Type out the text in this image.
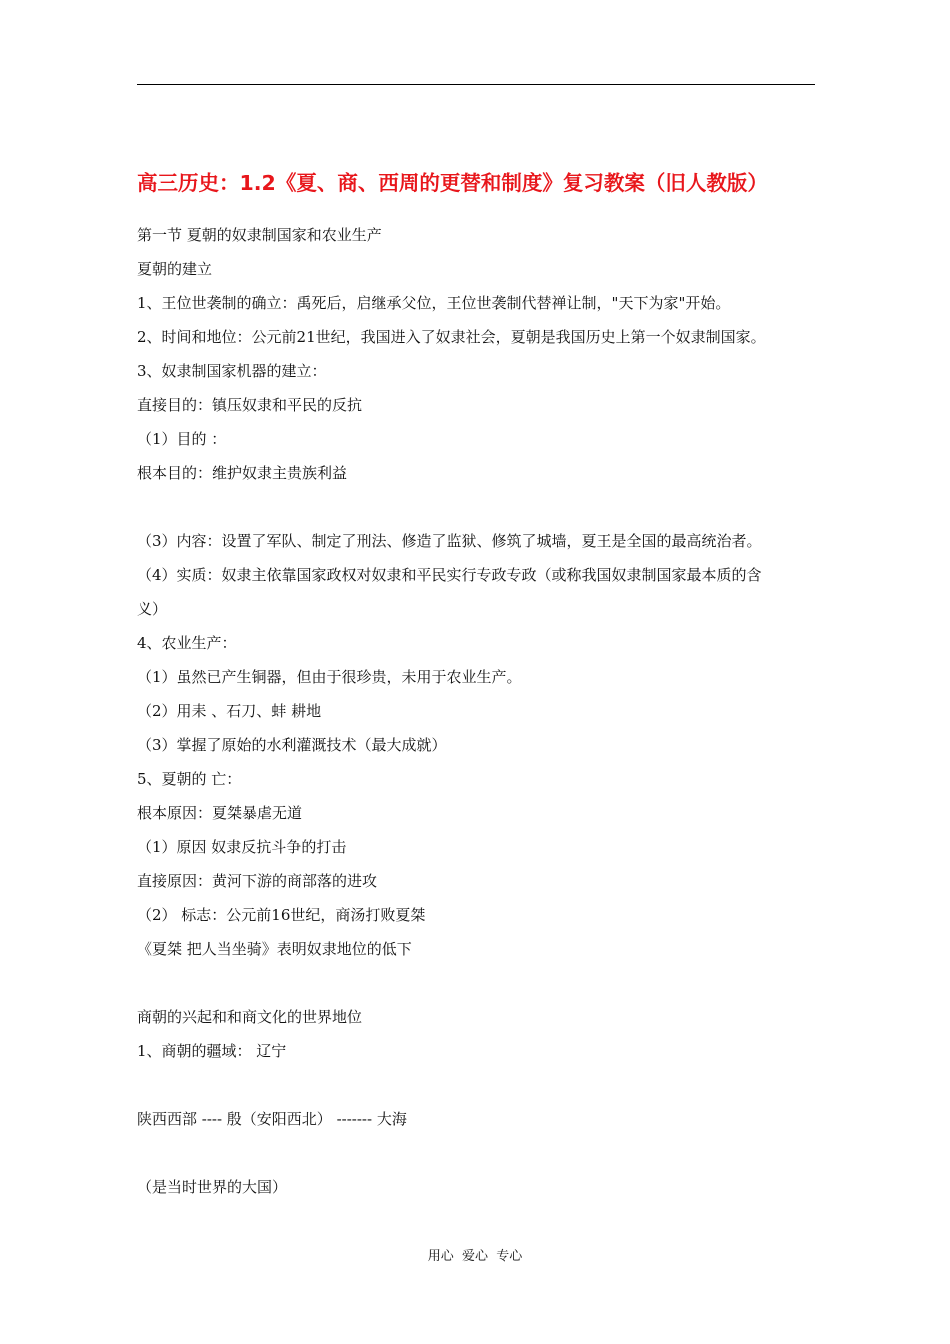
高三历史：1.2《夏、商、西周的更替和制度》复习教案（旧人教版）
第一节 夏朝的奴隶制国家和农业生产
夏朝的建立
1、王位世袭制的确立：禹死后，启继承父位，王位世袭制代替禅让制，"天下为家"开始。
2、时间和地位：公元前21世纪，我国进入了奴隶社会，夏朝是我国历史上第一个奴隶制国家。
3、奴隶制国家机器的建立：
直接目的：镇压奴隶和平民的反抗
（1）目的 ：
根本目的：维护奴隶主贵族利益
（3）内容：设置了军队、制定了刑法、修造了监狱、修筑了城墙，夏王是全国的最高统治者。
（4）实质：奴隶主依靠国家政权对奴隶和平民实行专政专政（或称我国奴隶制国家最本质的含
义）
4、农业生产：
（1）虽然已产生铜器，但由于很珍贵，未用于农业生产。
（2）用耒 、石刀、蚌 耕地
（3）掌握了原始的水利灌溉技术（最大成就）
5、夏朝的 亡：
根本原因：夏桀暴虐无道
（1）原因 奴隶反抗斗争的打击
直接原因：黄河下游的商部落的进攻
（2） 标志：公元前16世纪，商汤打败夏桀
《夏桀 把人当坐骑》表明奴隶地位的低下
商朝的兴起和和商文化的世界地位
1、商朝的疆域： 辽宁
陕西西部 ---- 殷（安阳西北） ------- 大海
（是当时世界的大国）
用心  爱心  专心
